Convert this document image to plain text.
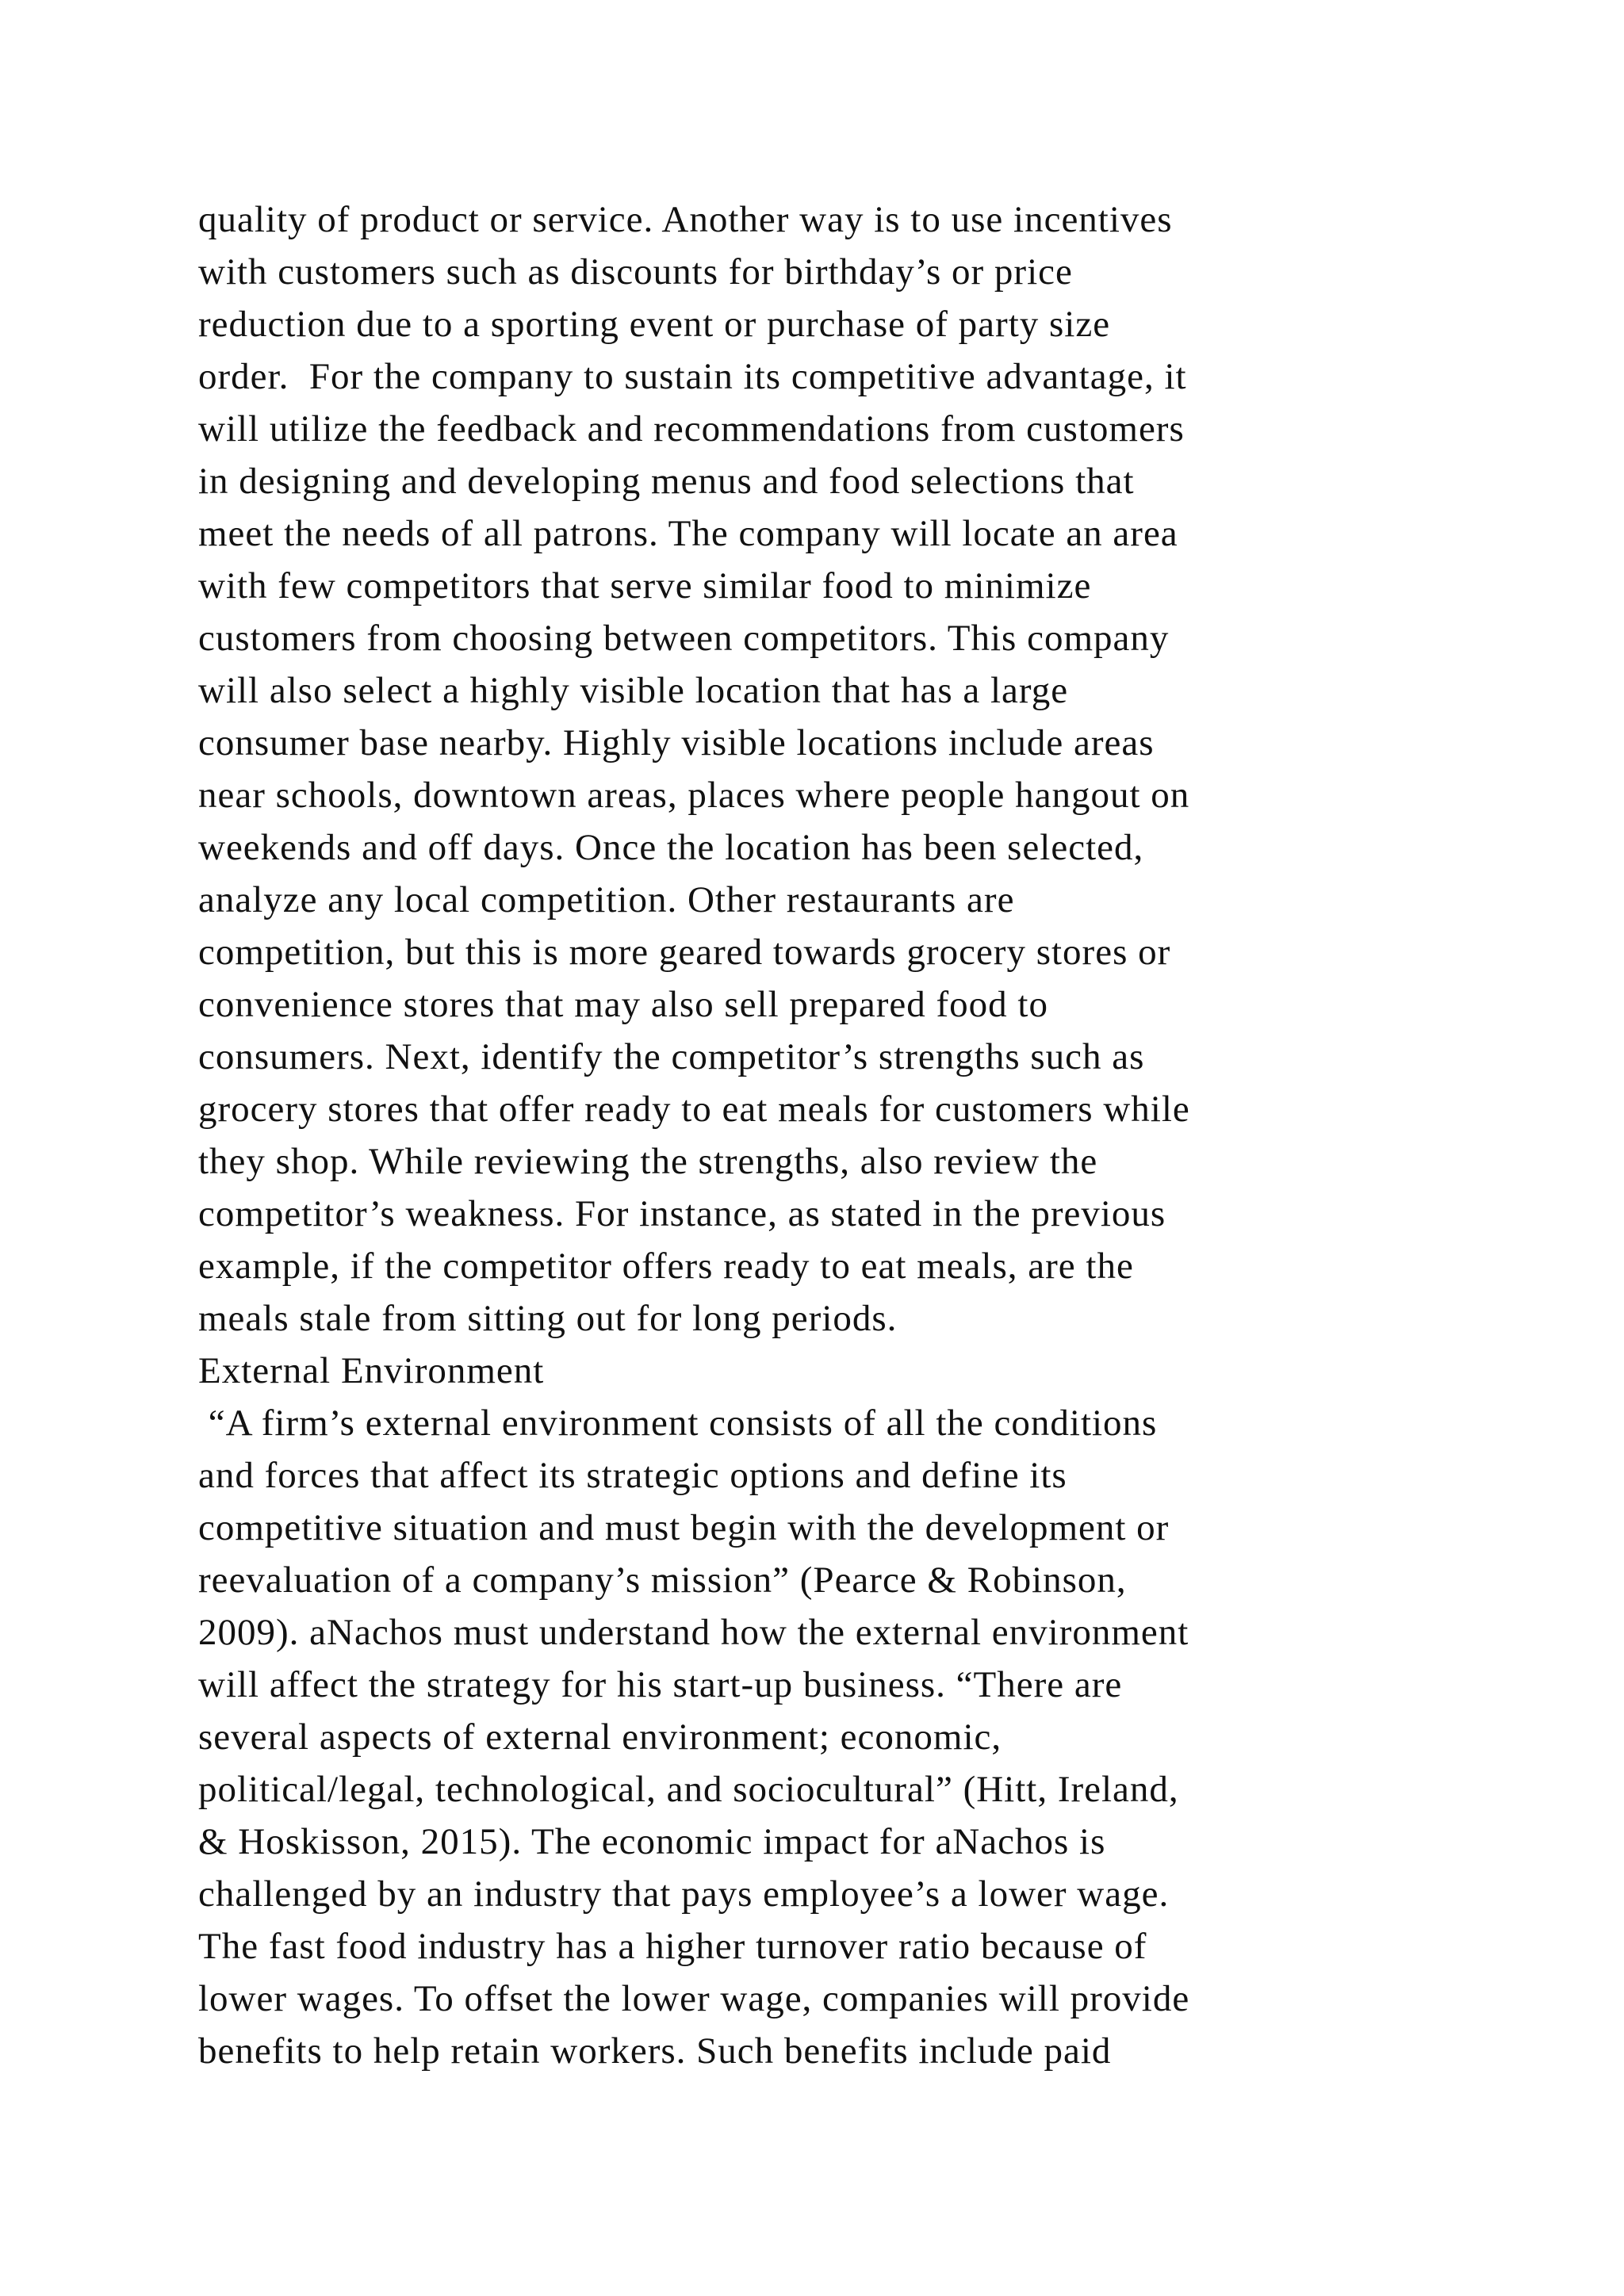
quality of product or service. Another way is to use incentives
with customers such as discounts for birthday’s or price
reduction due to a sporting event or purchase of party size
order.  For the company to sustain its competitive advantage, it
will utilize the feedback and recommendations from customers
in designing and developing menus and food selections that
meet the needs of all patrons. The company will locate an area
with few competitors that serve similar food to minimize
customers from choosing between competitors. This company
will also select a highly visible location that has a large
consumer base nearby. Highly visible locations include areas
near schools, downtown areas, places where people hangout on
weekends and off days. Once the location has been selected,
analyze any local competition. Other restaurants are
competition, but this is more geared towards grocery stores or
convenience stores that may also sell prepared food to
consumers. Next, identify the competitor’s strengths such as
grocery stores that offer ready to eat meals for customers while
they shop. While reviewing the strengths, also review the
competitor’s weakness. For instance, as stated in the previous
example, if the competitor offers ready to eat meals, are the
meals stale from sitting out for long periods.
External Environment
“A firm’s external environment consists of all the conditions
and forces that affect its strategic options and define its
competitive situation and must begin with the development or
reevaluation of a company’s mission” (Pearce & Robinson,
2009). aNachos must understand how the external environment
will affect the strategy for his start-up business. “There are
several aspects of external environment; economic,
political/legal, technological, and sociocultural” (Hitt, Ireland,
& Hoskisson, 2015). The economic impact for aNachos is
challenged by an industry that pays employee’s a lower wage.
The fast food industry has a higher turnover ratio because of
lower wages. To offset the lower wage, companies will provide
benefits to help retain workers. Such benefits include paid
